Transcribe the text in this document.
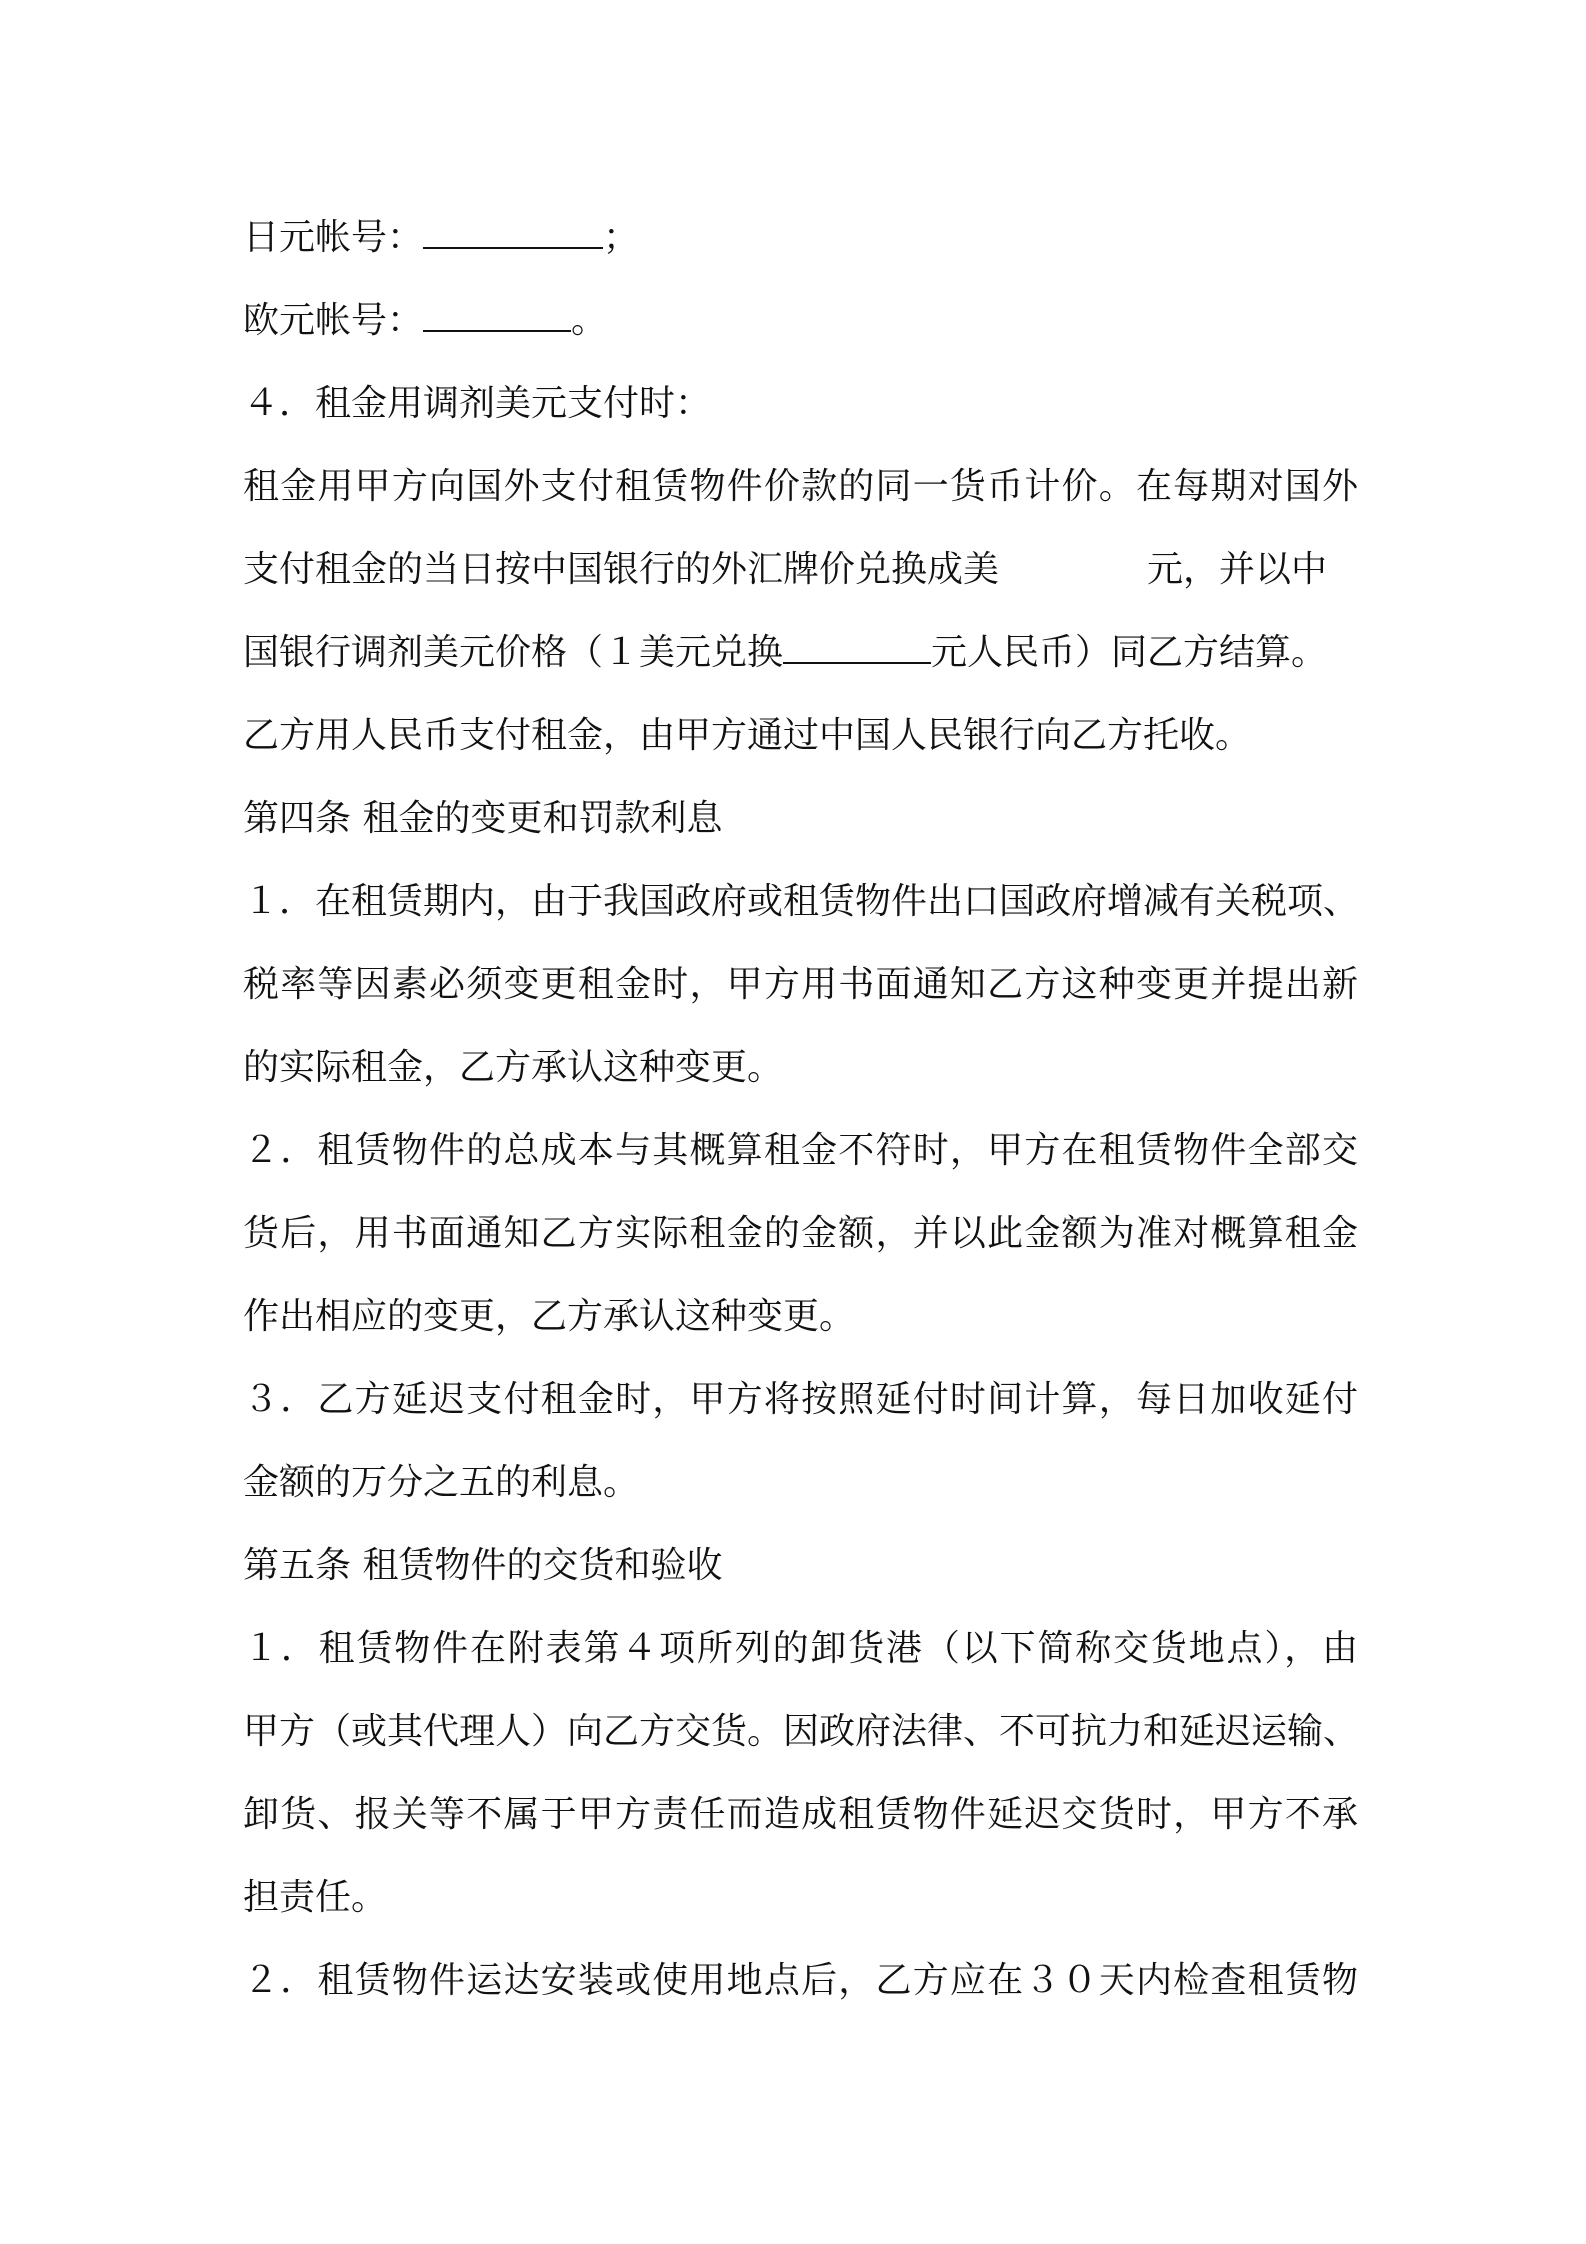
日元帐号：	；
欧元帐号：	。
４．租金用调剂美元支付时：
租金用甲方向国外支付租赁物件价款的同一货币计价。在每期对国外
支付租金的当日按中国银行的外汇牌价兑换成美	元，并以中
国银行调剂美元价格（１美元兑换	元人民币）同乙方结算。
乙方用人民币支付租金，由甲方通过中国人民银行向乙方托收。
第四条 租金的变更和罚款利息
１．在租赁期内，由于我国政府或租赁物件出口国政府增减有关税项、
税率等因素必须变更租金时，甲方用书面通知乙方这种变更并提出新
的实际租金，乙方承认这种变更。
２．租赁物件的总成本与其概算租金不符时，甲方在租赁物件全部交
货后，用书面通知乙方实际租金的金额，并以此金额为准对概算租金
作出相应的变更，乙方承认这种变更。
３．乙方延迟支付租金时，甲方将按照延付时间计算，每日加收延付
金额的万分之五的利息。
第五条 租赁物件的交货和验收
１．租赁物件在附表第４项所列的卸货港（以下简称交货地点），由
甲方（或其代理人）向乙方交货。因政府法律、不可抗力和延迟运输、
卸货、报关等不属于甲方责任而造成租赁物件延迟交货时，甲方不承
担责任。
２．租赁物件运达安装或使用地点后，乙方应在３０天内检查租赁物
